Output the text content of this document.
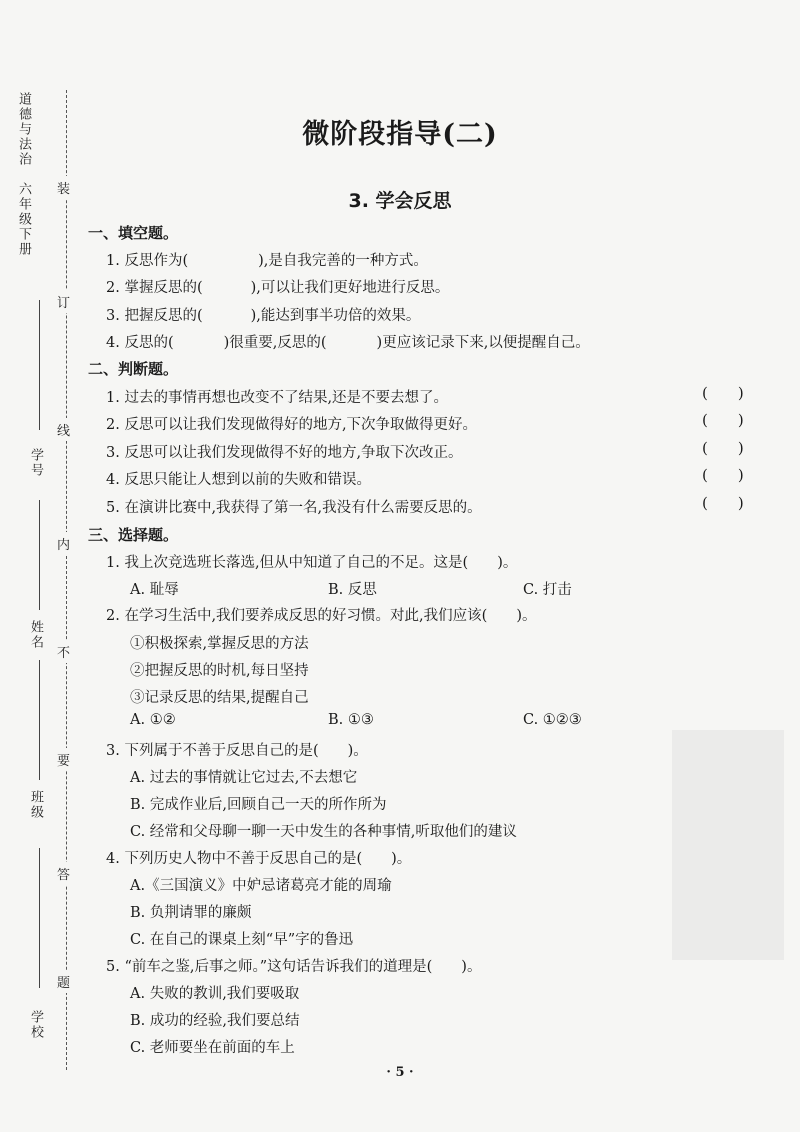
道德与法治　六年级下册 装
订
线
内
不
要
答
题
学号
姓名
班级
学校
微阶段指导(二)
3. 学会反思
一、填空题。
1. 反思作为(	),是自我完善的一种方式。
2. 掌握反思的(	),可以让我们更好地进行反思。
3. 把握反思的(	),能达到事半功倍的效果。
4. 反思的(	)很重要,反思的(	)更应该记录下来,以便提醒自己。
二、判断题。
1. 过去的事情再想也改变不了结果,还是不要去想了。	()
2. 反思可以让我们发现做得好的地方,下次争取做得更好。	()
3. 反思可以让我们发现做得不好的地方,争取下次改正。	()
4. 反思只能让人想到以前的失败和错误。	()
5. 在演讲比赛中,我获得了第一名,我没有什么需要反思的。	()
三、选择题。
1. 我上次竞选班长落选,但从中知道了自己的不足。这是(　　)。
A. 耻辱	B. 反思	C. 打击
2. 在学习生活中,我们要养成反思的好习惯。对此,我们应该(　　)。
①积极探索,掌握反思的方法
②把握反思的时机,每日坚持
③记录反思的结果,提醒自己
A. ①②	B. ①③	C. ①②③
3. 下列属于不善于反思自己的是(　　)。
A. 过去的事情就让它过去,不去想它
B. 完成作业后,回顾自己一天的所作所为
C. 经常和父母聊一聊一天中发生的各种事情,听取他们的建议
4. 下列历史人物中不善于反思自己的是(　　)。
A.《三国演义》中妒忌诸葛亮才能的周瑜
B. 负荆请罪的廉颇
C. 在自己的课桌上刻“早”字的鲁迅
5. “前车之鉴,后事之师。”这句话告诉我们的道理是(　　)。
A. 失败的教训,我们要吸取
B. 成功的经验,我们要总结
C. 老师要坐在前面的车上
· 5 ·
